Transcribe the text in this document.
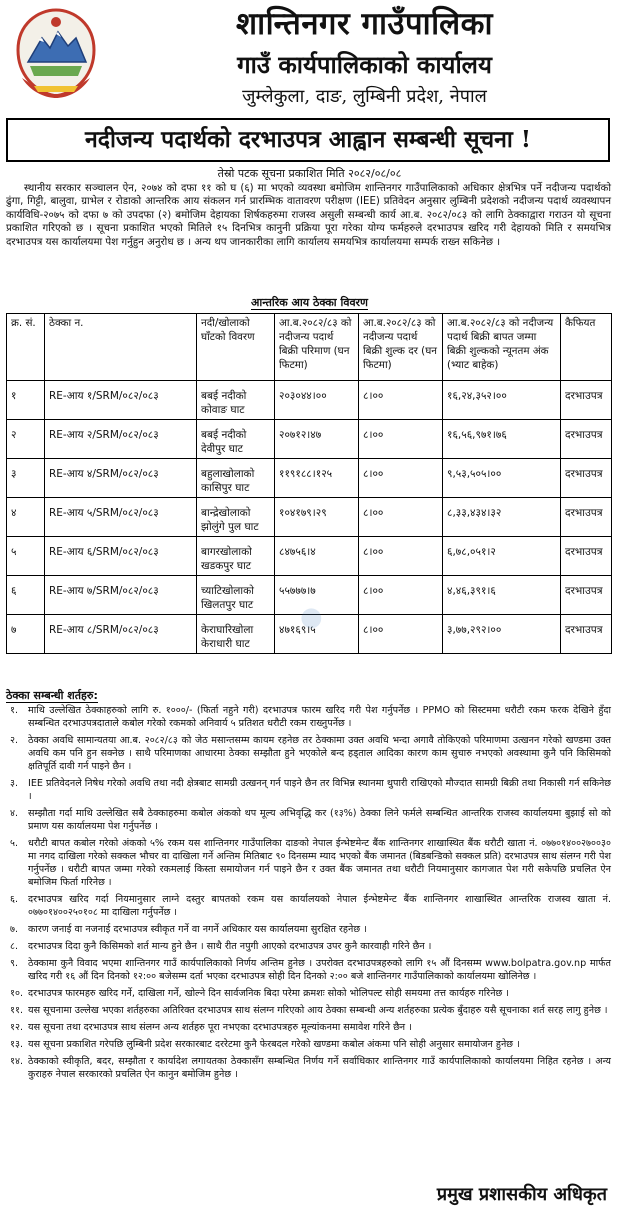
शान्तिनगर गाउँपालिका
गाउँ कार्यपालिकाको कार्यालय
जुम्लेकुला, दाङ, लुम्बिनी प्रदेश, नेपाल
नदीजन्य पदार्थको दरभाउपत्र आह्वान सम्बन्धी सूचना !
तेस्रो पटक सूचना प्रकाशित मिति २०८२/०८/०८
स्थानीय सरकार सञ्चालन ऐन, २०७४ को दफा ११ को घ (६) मा भएको व्यवस्था बमोजिम शान्तिनगर गाउँपालिकाको अधिकार क्षेत्रभित्र पर्ने नदीजन्य पदार्थको ढुंगा, गिट्टी, बालुवा, ग्राभेल र रोडाको आन्तरिक आय संकलन गर्न प्रारम्भिक वातावरण परीक्षण (IEE) प्रतिवेदन अनुसार लुम्बिनी प्रदेशको नदीजन्य पदार्थ व्यवस्थापन कार्यविधि-२०७५ को दफा ७ को उपदफा (२) बमोजिम देहायका शिर्षकहरुमा राजस्व असुली सम्बन्धी कार्य आ.ब. २०८२/०८३ को लागि ठेक्काद्वारा गराउन यो सूचना प्रकाशित गरिएको छ । सूचना प्रकाशित भएको मितिले १५ दिनभित्र कानुनी प्रक्रिया पूरा गरेका योग्य फर्महरुले दरभाउपत्र खरिद गरी देहायको मिति र समयभित्र दरभाउपत्र यस कार्यालयमा पेश गर्नुहुन अनुरोध छ । अन्य थप जानकारीका लागि कार्यालय समयभित्र कार्यालयमा सम्पर्क राख्न सकिनेछ ।
आन्तरिक आय ठेक्का विवरण
क्र. सं.	ठेक्का न.	नदी/खोलाको घाँटको विवरण	आ.ब.२०८२/८३ को नदीजन्य पदार्थ बिक्री परिमाण (घन फिटमा)	आ.ब.२०८२/८३ को नदीजन्य पदार्थ बिक्री शुल्क दर (घन फिटमा)	आ.ब.२०८२/८३ को नदीजन्य पदार्थ बिक्री बापत जम्मा बिक्री शुल्कको न्यूनतम अंक (भ्याट बाहेक)	कैफियत
१	RE-आय १/SRM/०८२/०८३	बबई नदीको कोवाङ घाट	२०३०४४।००	८।००	१६,२४,३५२।००	दरभाउपत्र
२	RE-आय २/SRM/०८२/०८३	बबई नदीको देवीपुर घाट	२०७१२।४७	८।००	१६,५६,९७१।७६	दरभाउपत्र
३	RE-आय ४/SRM/०८२/०८३	बहुलाखोलाको कासिपुर घाट	११९१८८।१२५	८।००	९,५३,५०५।००	दरभाउपत्र
४	RE-आय ५/SRM/०८२/०८३	बान्द्रेखोलाको झोलुंगे पुल घाट	१०४१७९।२९	८।००	८,३३,४३४।३२	दरभाउपत्र
५	RE-आय ६/SRM/०८२/०८३	बागरखोलाको खडकपुर घाट	८४७५६।४	८।००	६,७८,०५१।२	दरभाउपत्र
६	RE-आय ७/SRM/०८२/०८३	च्याटिखोलाको खिलतपुर घाट	५५७७७।७	८।००	४,४६,३९१।६	दरभाउपत्र
७	RE-आय ८/SRM/०८२/०८३	केराघारिखोला केराधारी घाट	४७१६९।५	८।००	३,७७,२९२।००	दरभाउपत्र
●
ठेक्का सम्बन्धी शर्तहरु:
१. माथि उल्लेखित ठेक्काहरुको लागि रु. १०००/- (फिर्ता नहुने गरी) दरभाउपत्र फारम खरिद गरी पेश गर्नुपर्नेछ । PPMO को सिस्टममा धरौटी रकम फरक देखिने हुँदा सम्बन्धित दरभाउपत्रदाताले कबोल गरेको रकमको अनिवार्य ५ प्रतिशत धरौटी रकम राख्नुपर्नेछ ।
२. ठेक्का अवधि सामान्यतया आ.ब. २०८२/८३ को जेठ मसान्तसम्म कायम रहनेछ तर ठेक्कामा उक्त अवधि भन्दा अगावै तोकिएको परिमाणमा उत्खनन गरेको खण्डमा उक्त अवधि कम पनि हुन सक्नेछ । साथै परिमाणका आधारमा ठेक्का सम्झौता हुने भएकोले बन्द हड्ताल आदिका कारण काम सुचारु नभएको अवस्थामा कुनै पनि किसिमको क्षतिपूर्ति दावी गर्न पाइने छैन ।
३. IEE प्रतिवेदनले निषेध गरेको अवधि तथा नदी क्षेत्रबाट सामग्री उत्खनन् गर्न पाइने छैन तर विभिन्न स्थानमा थुपारी राखिएको मौज्दात सामग्री बिक्री तथा निकासी गर्न सकिनेछ ।
४. सम्झौता गर्दा माथि उल्लेखित सबै ठेक्काहरुमा कबोल अंकको थप मूल्य अभिवृद्धि कर (१३%) ठेक्का लिने फर्मले सम्बन्धित आन्तरिक राजस्व कार्यालयमा बुझाई सो को प्रमाण यस कार्यालयमा पेश गर्नुपर्नेछ ।
५. धरौटी बापत कबोल गरेको अंकको ५% रकम यस शान्तिनगर गाउँपालिका दाङको नेपाल ईन्भेष्टमेन्ट बैंक शान्तिनगर शाखास्थित बैंक धरौटी खाता नं. ०७७०१४००२७००३० मा नगद दाखिला गरेको सक्कल भौचर वा दाखिला गर्ने अन्तिम मितिबाट ९० दिनसम्म म्याद भएको बैंक जमानत (बिडबन्डिको सक्कल प्रति) दरभाउपत्र साथ संलग्न गरी पेश गर्नुपर्नेछ । धरौटी बापत जम्मा गरेको रकमलाई किस्ता समायोजन गर्न पाइने छैन र उक्त बैंक जमानत तथा धरौटी नियमानुसार कागजात पेश गरी सकेपछि प्रचलित ऐन बमोजिम फिर्ता गरिनेछ ।
६. दरभाउपत्र खरिद गर्दा नियमानुसार लाग्ने दस्तुर बापतको रकम यस कार्यालयको नेपाल ईन्भेष्टमेन्ट बैंक शान्तिनगर शाखास्थित आन्तरिक राजस्व खाता नं. ०७७०१४००२५०१०८ मा दाखिला गर्नुपर्नेछ ।
७. कारण जनाई वा नजनाई दरभाउपत्र स्वीकृत गर्ने वा नगर्ने अधिकार यस कार्यालयमा सुरक्षित रहनेछ ।
८. दरभाउपत्र दिदा कुनै किसिमको शर्त मान्य हुने छैन । साथै रीत नपुगी आएको दरभाउपत्र उपर कुनै कारवाही गरिने छैन ।
९. ठेक्कामा कुनै विवाद भएमा शान्तिनगर गाउँ कार्यपालिकाको निर्णय अन्तिम हुनेछ । उपरोक्त दरभाउपत्रहरुको लागि १५ औं दिनसम्म www.bolpatra.gov.np मार्फत खरिद गरी १६ औं दिन दिनको १२:०० बजेसम्म दर्ता भएका दरभाउपत्र सोही दिन दिनको २:०० बजे शान्तिनगर गाउँपालिकाको कार्यालयमा खोलिनेछ ।
१०. दरभाउपत्र फारमहरु खरिद गर्ने, दाखिला गर्ने, खोल्ने दिन सार्वजनिक बिदा परेमा क्रमशः सोको भोलिपल्ट सोही समयमा तत्त कार्यहरु गरिनेछ ।
११. यस सूचनामा उल्लेख भएका शर्तहरुका अतिरिक्त दरभाउपत्र साथ संलग्न गरिएको आय ठेक्का सम्बन्धी अन्य शर्तहरुका प्रत्येक बुँदाहरु यसै सूचनाका शर्त सरह लागु हुनेछ ।
१२. यस सूचना तथा दरभाउपत्र साथ संलग्न अन्य शर्तहरु पूरा नभएका दरभाउपत्रहरु मूल्यांकनमा समावेश गरिने छैन ।
१३. यस सूचना प्रकाशित गरेपछि लुम्बिनी प्रदेश सरकारबाट दररेटमा कुनै फेरबदल गरेको खण्डमा कबोल अंकमा पनि सोही अनुसार समायोजन हुनेछ ।
१४. ठेक्काको स्वीकृति, बदर, सम्झौता र कार्यादेश लगायतका ठेक्कासँग सम्बन्धित निर्णय गर्ने सर्वाधिकार शान्तिनगर गाउँ कार्यपालिकाको कार्यालयमा निहित रहनेछ । अन्य कुराहरु नेपाल सरकारको प्रचलित ऐन कानुन बमोजिम हुनेछ ।
प्रमुख प्रशासकीय अधिकृत
